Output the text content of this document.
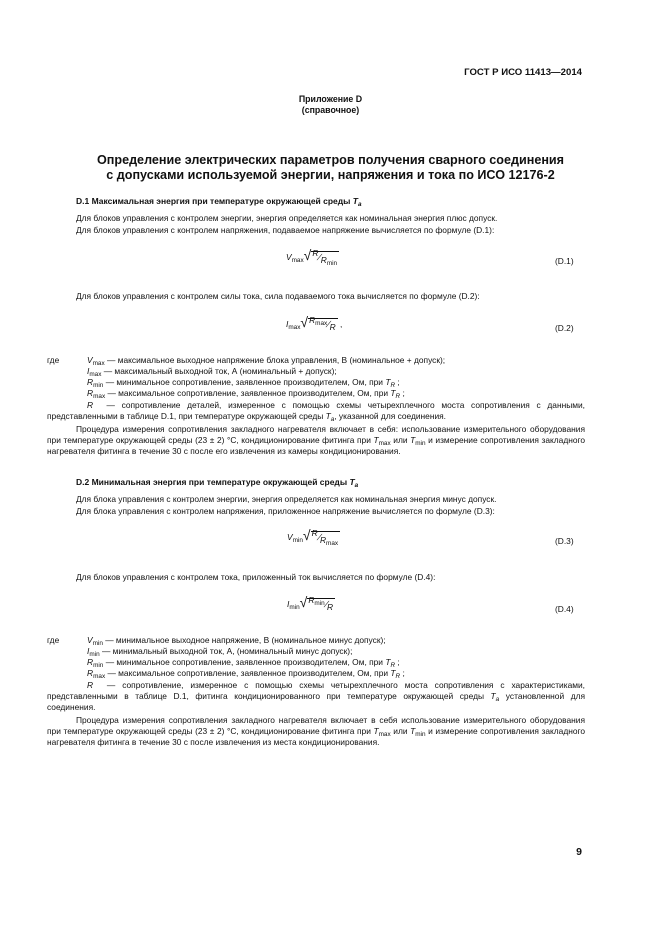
ГОСТ Р ИСО 11413—2014
Приложение D
(справочное)
Определение электрических параметров получения сварного соединения
с допусками используемой энергии, напряжения и тока по ИСО 12176-2
D.1 Максимальная энергия при температуре окружающей среды $T_a$
Для блоков управления с контролем энергии, энергия определяется как номинальная энергия плюс допуск.
Для блоков управления с контролем напряжения, подаваемое напряжение вычисляется по формуле (D.1):
$V_{max}√R/R_{min}$	(D.1)
Для блоков управления с контролем силы тока, сила подаваемого тока вычисляется по формуле (D.2):
$I_{max}√R_{max}/R$ ,	(D.2)
где	$V_{max}$ — максимальное выходное напряжение блока управления, В (номинальное + допуск);
$I_{max}$ — максимальный выходной ток, А (номинальный + допуск);
$R_{min}$ — минимальное сопротивление, заявленное производителем, Ом, при $T_R$ ;
$R_{max}$ — максимальное сопротивление, заявленное производителем, Ом, при $T_R$ ;
R — сопротивление деталей, измеренное с помощью схемы четырехплечного моста сопротивления с данными, представленными в таблице D.1, при температуре окружающей среды $T_a$, указанной для соединения.
Процедура измерения сопротивления закладного нагревателя включает в себя: использование измерительного оборудования при температуре окружающей среды (23 ± 2) °С, кондиционирование фитинга при $T_{max}$ или $T_{min}$ и измерение сопротивления закладного нагревателя фитинга в течение 30 с после его извлечения из камеры кондиционирования.
D.2 Минимальная энергия при температуре окружающей среды $T_a$
Для блока управления с контролем энергии, энергия определяется как номинальная энергия минус допуск.
Для блока управления с контролем напряжения, приложенное напряжение вычисляется по формуле (D.3):
$V_{min}√R/R_{max}$	(D.3)
Для блоков управления с контролем тока, приложенный ток вычисляется по формуле (D.4):
$I_{min}√R_{min}/R$	(D.4)
где	$V_{min}$ — минимальное выходное напряжение, В (номинальное минус допуск);
$I_{min}$ — минимальный выходной ток, А, (номинальный минус допуск);
$R_{min}$ — минимальное сопротивление, заявленное производителем, Ом, при $T_R$ ;
$R_{max}$ — максимальное сопротивление, заявленное производителем, Ом, при $T_R$ ;
R — сопротивление, измеренное с помощью схемы четырехплечного моста сопротивления с характеристиками, представленными в таблице D.1, фитинга кондиционированного при температуре окружающей среды $T_a$ установленной для соединения.
Процедура измерения сопротивления закладного нагревателя включает в себя использование измерительного оборудования при температуре окружающей среды (23 ± 2) °С, кондиционирование фитинга при $T_{max}$ или $T_{min}$ и измерение сопротивления закладного нагревателя фитинга в течение 30 с после извлечения из места кондиционирования.
9
